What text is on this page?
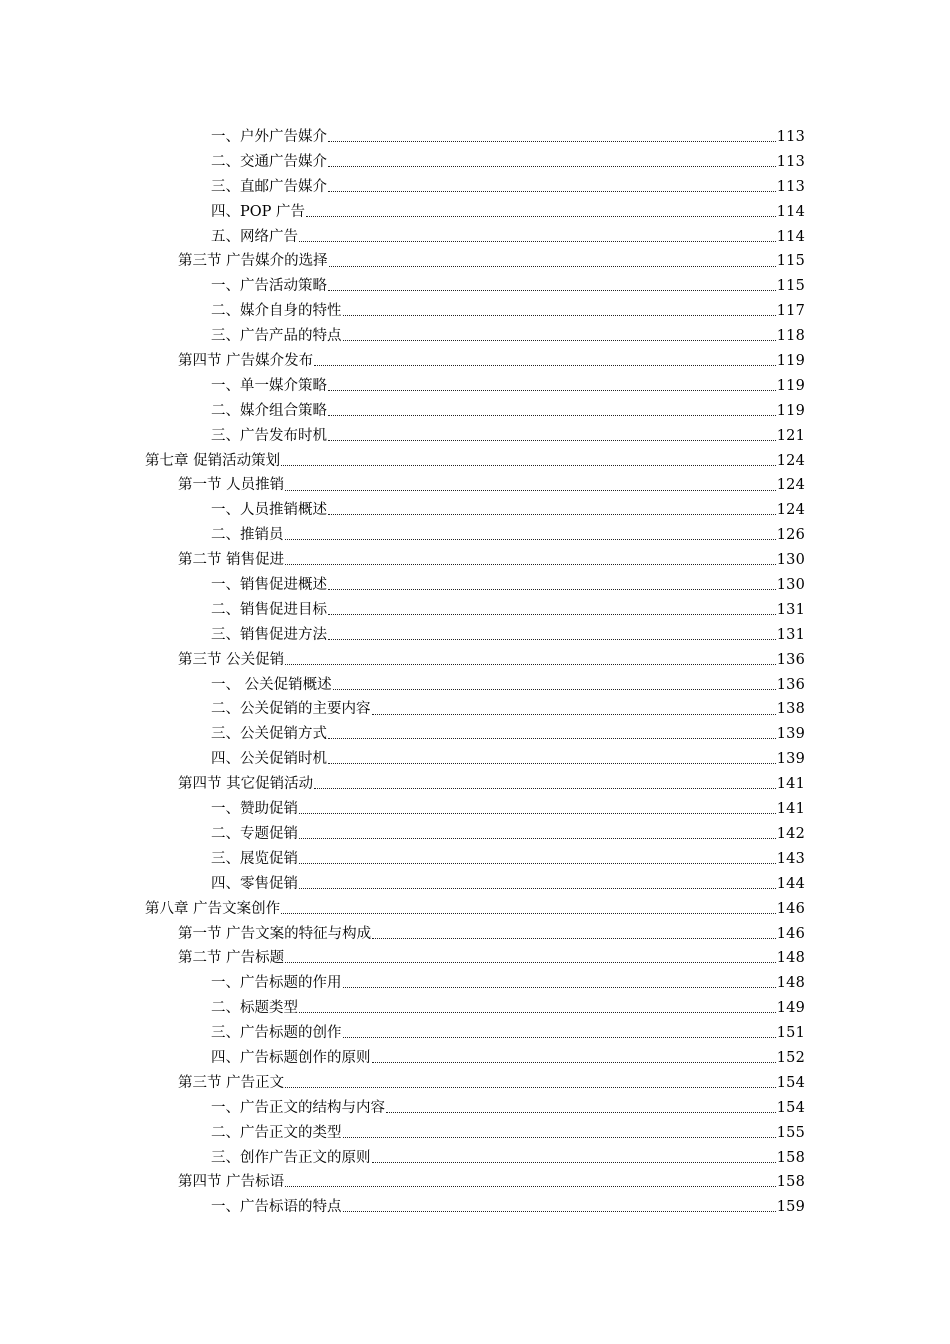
一、户外广告媒介	113
二、交通广告媒介	113
三、直邮广告媒介	113
四、POP 广告	114
五、网络广告	114
第三节 广告媒介的选择	115
一、广告活动策略	115
二、媒介自身的特性	117
三、广告产品的特点	118
第四节 广告媒介发布	119
一、单一媒介策略	119
二、媒介组合策略	119
三、广告发布时机	121
第七章 促销活动策划	124
第一节 人员推销	124
一、人员推销概述	124
二、推销员	126
第二节 销售促进	130
一、销售促进概述	130
二、销售促进目标	131
三、销售促进方法	131
第三节 公关促销	136
一、 公关促销概述	136
二、公关促销的主要内容	138
三、公关促销方式	139
四、公关促销时机	139
第四节 其它促销活动	141
一、赞助促销	141
二、专题促销	142
三、展览促销	143
四、零售促销	144
第八章 广告文案创作	146
第一节 广告文案的特征与构成	146
第二节 广告标题	148
一、广告标题的作用	148
二、标题类型	149
三、广告标题的创作	151
四、广告标题创作的原则	152
第三节 广告正文	154
一、广告正文的结构与内容	154
二、广告正文的类型	155
三、创作广告正文的原则	158
第四节 广告标语	158
一、广告标语的特点	159
